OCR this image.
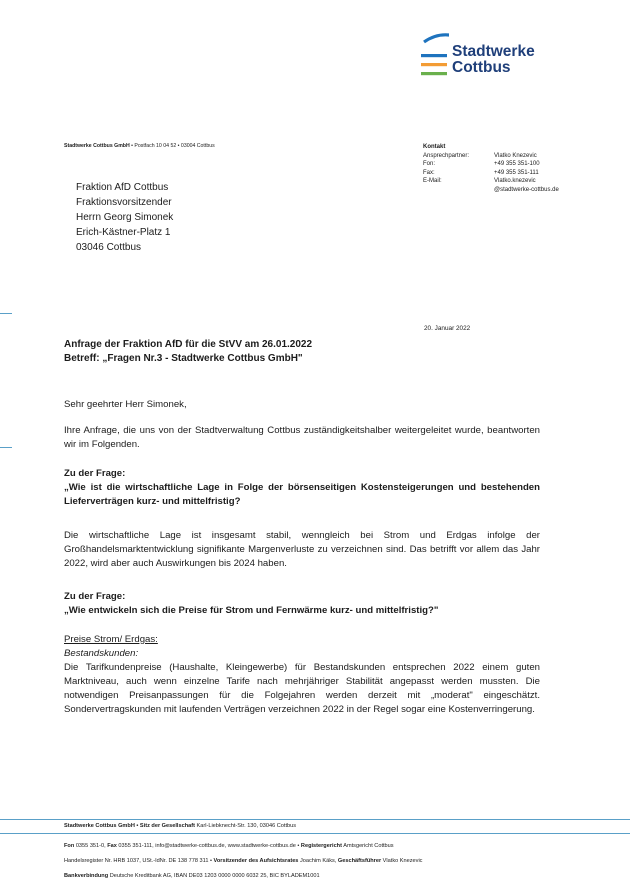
Stadtwerke
Cottbus
Stadtwerke Cottbus GmbH • Postfach 10 04 52 • 03004 Cottbus	Kontakt
Ansprechpartner:	Vlatko Knezevic
Fon:	+49 355 351-100
Fax:	+49 355 351-111
E-Mail:	Vlatko.knezevic
@stadtwerke-cottbus.de
Fraktion AfD Cottbus
Fraktionsvorsitzender
Herrn Georg Simonek
Erich-Kästner-Platz 1
03046 Cottbus
20. Januar 2022
Anfrage der Fraktion AfD für die StVV am 26.01.2022
Betreff: „Fragen Nr.3 - Stadtwerke Cottbus GmbH"
Sehr geehrter Herr Simonek,
Ihre Anfrage, die uns von der Stadtverwaltung Cottbus zuständigkeitshalber weitergeleitet wurde, beantworten wir im Folgenden.
Zu der Frage:
„Wie ist die wirtschaftliche Lage in Folge der börsenseitigen Kostensteigerungen und bestehenden Lieferverträgen kurz- und mittelfristig?
Die wirtschaftliche Lage ist insgesamt stabil, wenngleich bei Strom und Erdgas infolge der Großhandelsmarktentwicklung signifikante Margenverluste zu verzeichnen sind. Das betrifft vor allem das Jahr 2022, wird aber auch Auswirkungen bis 2024 haben.
Zu der Frage:
„Wie entwickeln sich die Preise für Strom und Fernwärme kurz- und mittelfristig?"
Preise Strom/ Erdgas:
Bestandskunden:
Die Tarifkundenpreise (Haushalte, Kleingewerbe) für Bestandskunden entsprechen 2022 einem guten Marktniveau, auch wenn einzelne Tarife nach mehrjähriger Stabilität angepasst werden mussten. Die notwendigen Preisanpassungen für die Folgejahren werden derzeit mit „moderat" eingeschätzt. Sondervertragskunden mit laufenden Verträgen verzeichnen 2022 in der Regel sogar eine Kostenverringerung.
Stadtwerke Cottbus GmbH • Sitz der Gesellschaft Karl-Liebknecht-Str. 130, 03046 Cottbus
Fon 0355 351-0, Fax 0355 351-111, info@stadtwerke-cottbus.de, www.stadtwerke-cottbus.de • Registergericht Amtsgericht Cottbus
Handelsregister Nr. HRB 1037, USt.-IdNr. DE 138 778 311 • Vorsitzender des Aufsichtsrates Joachim Käks, Geschäftsführer Vlatko Knezevic
Bankverbindung Deutsche Kreditbank AG, IBAN DE03 1203 0000 0000 6032 25, BIC BYLADEM1001
